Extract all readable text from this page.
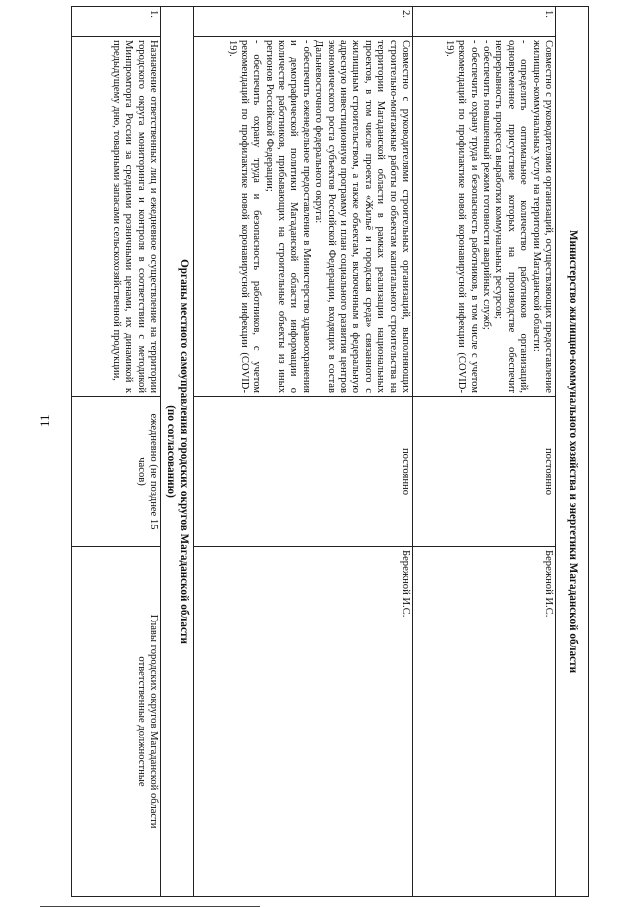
11	Министерство жилищно-коммунального хозяйства и энергетики Магаданской области			

1.	Совместно с руководителями организаций, осуществляющих предоставление жилищно-коммунальных услуг на территории Магаданской области:

- определить оптимальное количество работников организаций, одновременное присутствие которых на производстве обеспечит непрерывность процесса выработки коммунальных ресурсов;

- обеспечить повышенный режим готовности аварийных служб;

- обеспечить охрану труда и безопасность работников, в том числе с учетом рекомендаций по профилактике новой коронавирусной инфекции (COVID-19).	постоянно	Бережной И.С.
2.	Совместно с руководителями строительных организаций, выполняющих строительно-монтажные работы по объектам капитального строительства на территории Магаданской области в рамках реализации национальных проектов, в том числе проекта «Жильё и городская среда» связанного с жилищным строительством, а также объектам, включенным в федеральную адресную инвестиционную программу и план социального развития центров экономического роста субъектов Российской Федерации, входящих в состав Дальневосточного федерального округа:

- обеспечить еженедельное предоставление в Министерство здравоохранения и демографической политики Магаданской области информации о количестве работников, прибывающих на строительные объекты из иных регионов Российской Федерации;

- обеспечить охрану труда и безопасность работников, с учетом рекомендаций по профилактике новой коронавирусной инфекции (COVID-19).	постоянно	Бережной И.С.

Органы местного самоуправления городских округов Магаданской области
(по согласованию)			

1.	Назначение ответственных лиц и ежедневное осуществление на территории городского округа мониторинга и контроля в соответствии с методикой Минпромторга России за средними розничными ценами, их динамикой к предыдущему дню, товарными запасами сельскохозяйственной продукции,	ежедневно (не позднее 15 часов)	Главы городских округов Магаданской области
ответственные должностные
